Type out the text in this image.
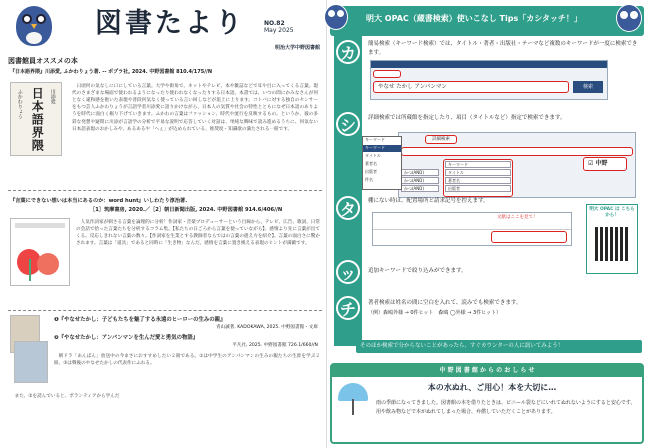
図書たより	NO.82
May 2025
明治大学中野図書館
図書館員オススメの本
『日本語界隈』川添愛, ふかわりょう著. -- ポプラ社, 2024. 中野図書館 810.4/175//N
ふかわりょう 日本語界隈 川添愛
日頃何の気なしに口にしている言葉。大学や街角で、ネットやテレビ、本や雑誌などで耳や目に入ってくる言葉。現代のさまざまな場面で使われるようになったり使われなくなったりする日本語。本書では、いつの間にかみなさんが何となく違和感を抱いた表現や普段何気なく使っている言い回しなどが俎上に上ります。コトバに対する独自のセンサーをもつ芸人ふかわりょうが言語学者川添愛に語りかけながら、日本人の気質や社会の特性とともになぜ日本語のありようを時代に面白く掘り下げていきます。ふかわの言葉はファッション、時代や流行を反映するもの。というか、彼の多彩な発想や疑問に川添が言語学の分析で平易な説明で応答していく対話は、単純な興味で読み進めるうちに、何気ない日本語表現のおかしみや、あるあるや「へぇ」が込められている、推奨度・知識欲の満たされる一冊です。
『言葉にできない想いは本当にあるのか：word hunt』いしわたり淳治著.
［1］筑摩書房, 2020.／［2］朝日新聞出版, 2024. 中野図書館 914.6/406//N
人気作詞家が刺さる言葉を論理的に分析！作詞家・音楽プロデューサーという目線から、テレビ、広告、歌詞、日常の会話で拾った言葉たちを分析するコラム集。【私たちの日ごろから言葉を使っていながら】、感情より先に言葉が出てくる。反応しきれない言葉の数々。【作詞家を生業とする教師者ならではの言葉の捉え方を紹介】、言葉の面白さに驚かされます。言葉は「道具」であると同時に「生き物」なんだ。感情を言葉に置き換える表現のヒントが満載です。
❶『やなせたかし：子どもたちを魅了する永遠のヒーローの生みの親』
青山誠著. KADOKAWA, 2025. 中野図書館・文庫
❷『やなせたかし：アンパンマンを生んだ愛と勇気の物語』
平凡社, 2025. 中野図書館 726.1/660//N
朝ドラ「あんぱん」放送中の今まさにおすすめしたい２冊である。①は中学生のアンパンマンの生みの親たちの生涯を学ぶ２冊。③は戦後のやなせたかしの代表作にふれる。
また、②を読んでいると、ボランティアから学んだ
明大 OPAC（蔵書検索）使いこなし Tips「カシタッチ！」
カ
シ
タ
ッ
チ
簡易検索（キーワード検索）では、タイトル・著者・出版社・テーマなど複数のキーワードが一度に検索できます。
やなせ たかし アンパンマン	検索
詳細検索では所蔵館を指定したり、項目（タイトルなど）指定で検索できます。
詳細検索
キーワード
タイトル
著者名
出版者
かつ(AND)
かつ(AND)
かつ(AND)
☑ 中野
キーワード
キーワード
タイトル
著者名
出版者
件名
棚にない時は、配置場所と請求記号を控えます。
文献はここを見て！
明大 OPAC は こちらから！
追加キーワードで絞り込みができます。
著者検索は姓名の間に空白を入れて、読みでも検索できます。
（例）森鴎外様 → 0件ヒット　森鴎 ◯外様 → 3件ヒット）
そのほか検索で分からないことがあったら、すぐカウンターの人に訊いてみよう！
中 野 図 書 館 か ら の お し ら せ
本の水ぬれ、ご用心！本を大切に…
雨の季節になってきました。図書館の本を借りたときは、ビニール袋などにいれてぬれないようにすると安心です。用や飲み物などで本がぬれてしまった場合、弁償していただくことがあります。
